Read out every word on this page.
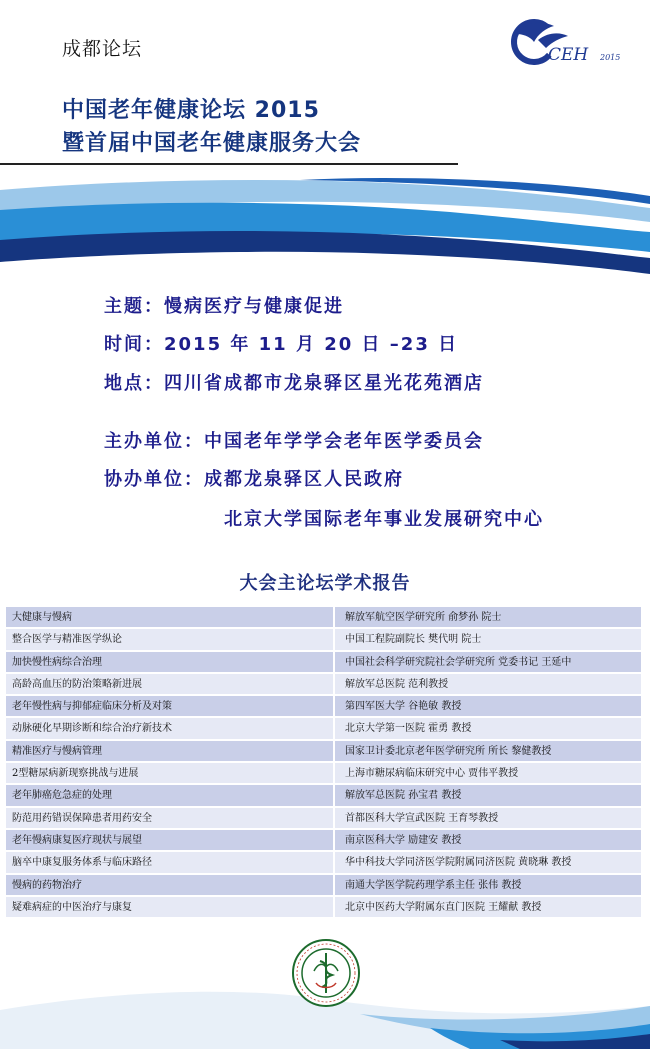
成都论坛	CEH 2015
中国老年健康论坛 2015
暨首届中国老年健康服务大会
主题：慢病医疗与健康促进
时间：2015 年 11 月 20 日 –23 日
地点：四川省成都市龙泉驿区星光花苑酒店
主办单位：中国老年学学会老年医学委员会
协办单位：成都龙泉驿区人民政府
北京大学国际老年事业发展研究中心
大会主论坛学术报告
大健康与慢病	解放军航空医学研究所 俞梦孙 院士
整合医学与精准医学纵论	中国工程院副院长 樊代明 院士
加快慢性病综合治理	中国社会科学研究院社会学研究所 党委书记 王延中
高龄高血压的防治策略新进展	解放军总医院 范利教授
老年慢性病与抑郁症临床分析及对策	第四军医大学 谷艳敏 教授
动脉硬化早期诊断和综合治疗新技术	北京大学第一医院 霍勇 教授
精准医疗与慢病管理	国家卫计委北京老年医学研究所 所长 黎健教授
2型糖尿病新现察挑战与进展	上海市糖尿病临床研究中心 贾伟平教授
老年肺癌危急症的处理	解放军总医院 孙宝君 教授
防范用药错误保障患者用药安全	首都医科大学宣武医院 王育琴教授
老年慢病康复医疗现状与展望	南京医科大学 励建安 教授
脑卒中康复服务体系与临床路径	华中科技大学同济医学院附属同济医院 黄晓琳 教授
慢病的药物治疗	南通大学医学院药理学系主任 张伟 教授
疑难病症的中医治疗与康复	北京中医药大学附属东直门医院 王耀献 教授
